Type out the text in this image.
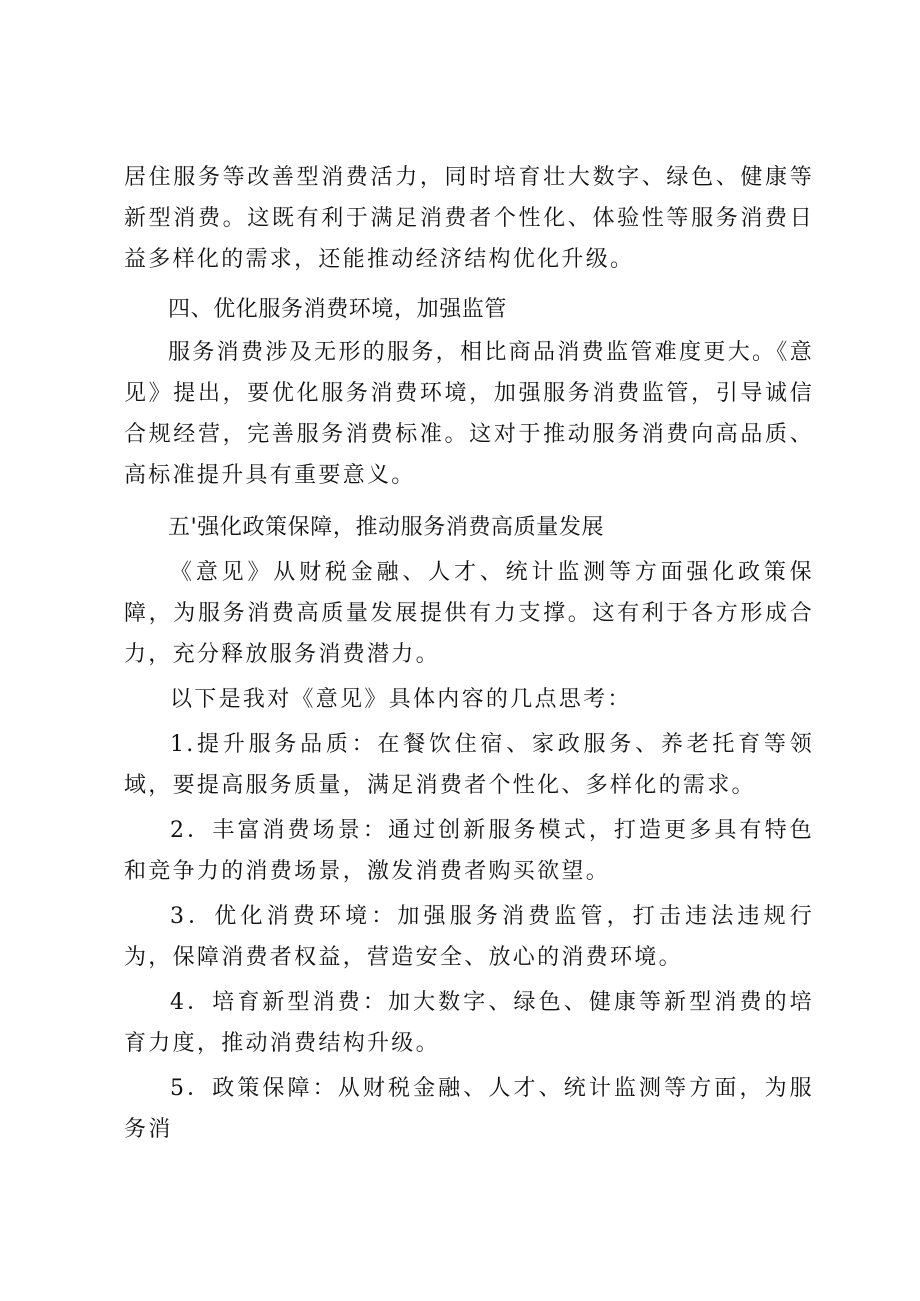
居住服务等改善型消费活力，同时培育壮大数字、绿色、健康等新型消费。这既有利于满足消费者个性化、体验性等服务消费日益多样化的需求，还能推动经济结构优化升级。

四、优化服务消费环境，加强监管

服务消费涉及无形的服务，相比商品消费监管难度更大。《意见》提出，要优化服务消费环境，加强服务消费监管，引导诚信合规经营，完善服务消费标准。这对于推动服务消费向高品质、高标准提升具有重要意义。

五'强化政策保障，推动服务消费高质量发展

《意见》从财税金融、人才、统计监测等方面强化政策保障，为服务消费高质量发展提供有力支撑。这有利于各方形成合力，充分释放服务消费潜力。

以下是我对《意见》具体内容的几点思考：

1.提升服务品质：在餐饮住宿、家政服务、养老托育等领域，要提高服务质量，满足消费者个性化、多样化的需求。

2．丰富消费场景：通过创新服务模式，打造更多具有特色和竞争力的消费场景，激发消费者购买欲望。

3．优化消费环境：加强服务消费监管，打击违法违规行为，保障消费者权益，营造安全、放心的消费环境。

4．培育新型消费：加大数字、绿色、健康等新型消费的培育力度，推动消费结构升级。

5．政策保障：从财税金融、人才、统计监测等方面，为服务消
